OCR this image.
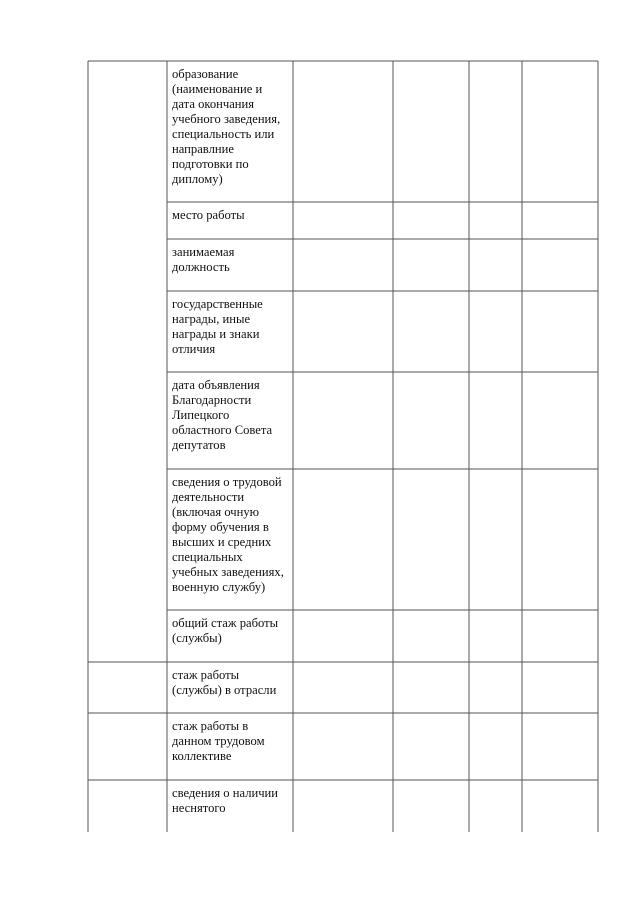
образование
(наименование и
дата окончания
учебного заведения,
специальность или
направлние
подготовки по
диплому)
место работы
занимаемая
должность
государственные
награды, иные
награды и знаки
отличия
дата объявления
Благодарности
Липецкого
областного Совета
депутатов
сведения о трудовой
деятельности
(включая очную
форму обучения в
высших и средних
специальных
учебных заведениях,
военную службу)
общий стаж работы
(службы)
стаж работы
(службы) в отрасли
стаж работы в
данном трудовом
коллективе
сведения о наличии
неснятого
